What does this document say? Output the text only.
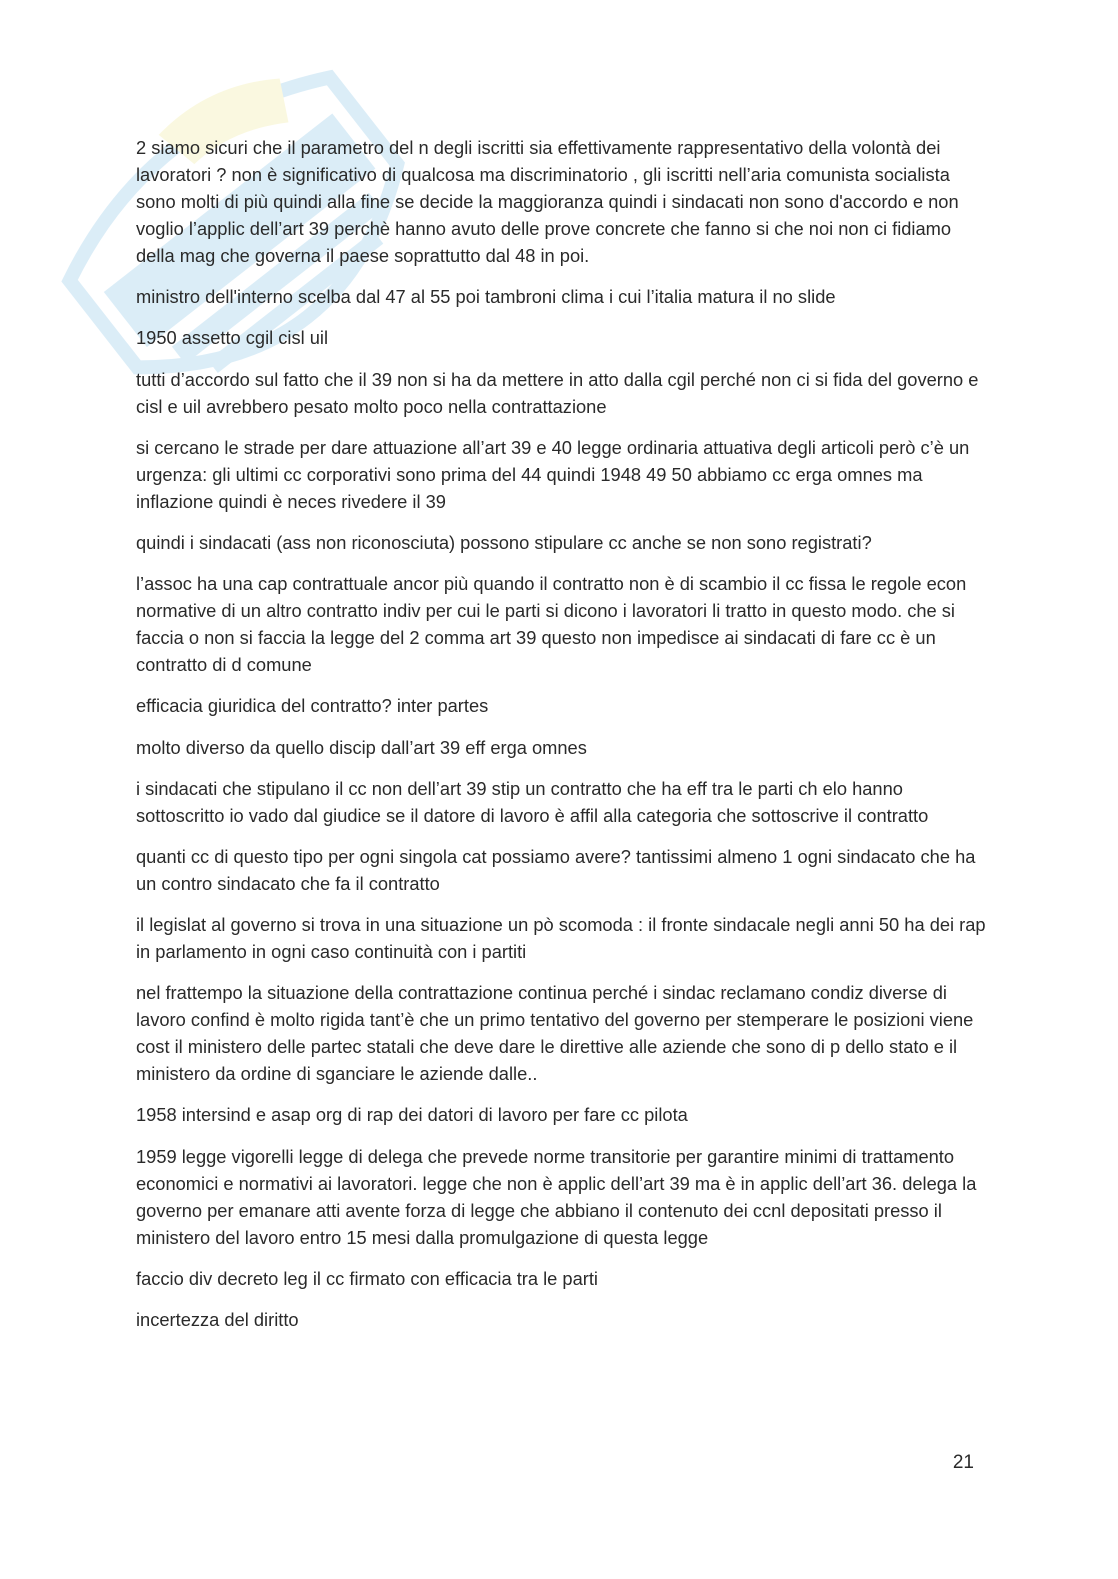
2 siamo sicuri che il parametro del n degli iscritti sia effettivamente rappresentativo della volontà dei lavoratori ? non è significativo di qualcosa ma discriminatorio , gli iscritti nell’aria comunista socialista sono molti di più quindi alla fine se decide la maggioranza quindi i sindacati non sono d'accordo e non voglio l’applic dell’art 39 perchè hanno avuto delle prove concrete che fanno si che noi non ci fidiamo della mag che governa il paese soprattutto dal 48 in poi.

ministro dell'interno scelba dal 47 al 55 poi tambroni clima i cui l’italia matura il no slide

1950 assetto cgil cisl uil

tutti d’accordo sul fatto che il 39 non si ha da mettere in atto dalla cgil perché non ci si fida del governo e cisl e uil avrebbero pesato molto poco nella contrattazione

si cercano le strade per dare attuazione all’art 39 e 40 legge ordinaria attuativa degli articoli però c’è un urgenza: gli ultimi cc corporativi sono prima del 44 quindi 1948 49 50 abbiamo cc erga omnes ma inflazione quindi è neces rivedere il 39

quindi i sindacati (ass non riconosciuta) possono stipulare cc anche se non sono registrati?

l’assoc ha una cap contrattuale ancor più quando il contratto non è di scambio il cc fissa le regole econ normative di un altro contratto indiv per cui le parti si dicono i lavoratori li tratto in questo modo. che si faccia o non si faccia la legge del 2 comma art 39 questo non impedisce ai sindacati di fare cc è un contratto di d comune

efficacia giuridica del contratto? inter partes

molto diverso da quello discip dall’art 39 eff erga omnes

i sindacati che stipulano il cc non dell’art 39 stip un contratto che ha eff tra le parti ch elo hanno sottoscritto io vado dal giudice se il datore di lavoro è affil alla categoria che sottoscrive il contratto

quanti cc di questo tipo per ogni singola cat possiamo avere? tantissimi almeno 1 ogni sindacato che ha un contro sindacato che fa il contratto

il legislat al governo si trova in una situazione un pò scomoda : il fronte sindacale negli anni 50 ha dei rap in parlamento in ogni caso continuità con i partiti

nel frattempo la situazione della contrattazione continua perché i sindac reclamano condiz diverse di lavoro confind è molto rigida tant’è che un primo tentativo del governo per stemperare le posizioni viene cost il ministero delle partec statali che deve dare le direttive alle aziende che sono di p dello stato e il ministero da ordine di sganciare le aziende dalle..

1958 intersind e asap org di rap dei datori di lavoro per fare cc pilota

1959 legge vigorelli legge di delega che prevede norme transitorie per garantire minimi di trattamento economici e normativi ai lavoratori. legge che non è applic dell’art 39 ma è in applic dell’art 36. delega la governo per emanare atti avente forza di legge che abbiano il contenuto dei ccnl depositati presso il ministero del lavoro entro 15 mesi dalla promulgazione di questa legge

faccio div decreto leg il cc firmato con efficacia tra le parti

incertezza del diritto

21
